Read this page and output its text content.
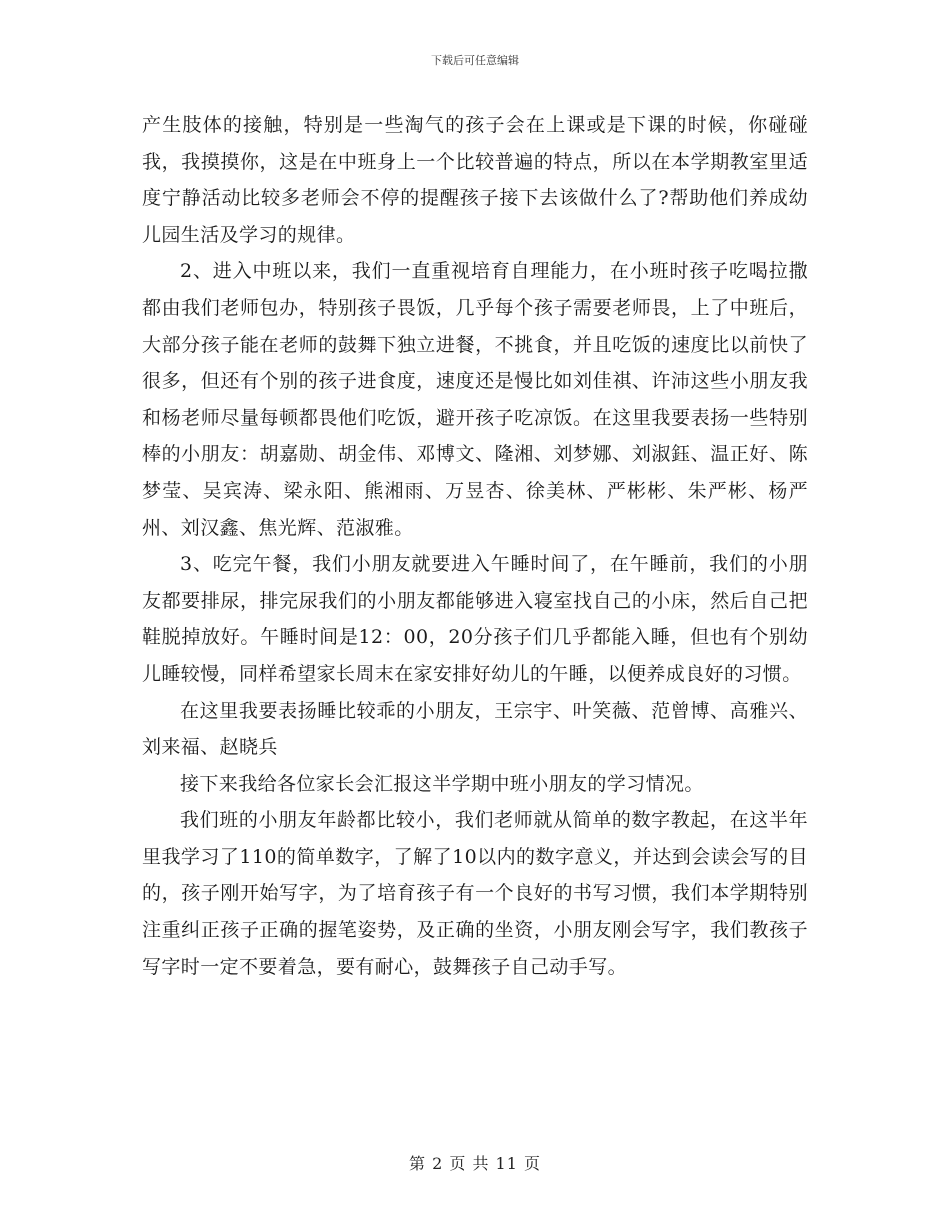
下载后可任意编辑

产生肢体的接触，特别是一些淘气的孩子会在上课或是下课的时候，你碰碰我，我摸摸你，这是在中班身上一个比较普遍的特点，所以在本学期教室里适度宁静活动比较多老师会不停的提醒孩子接下去该做什么了?帮助他们养成幼儿园生活及学习的规律。

2、进入中班以来，我们一直重视培育自理能力，在小班时孩子吃喝拉撒都由我们老师包办，特别孩子畏饭，几乎每个孩子需要老师畏，上了中班后，大部分孩子能在老师的鼓舞下独立进餐，不挑食，并且吃饭的速度比以前快了很多，但还有个别的孩子进食度，速度还是慢比如刘佳祺、许沛这些小朋友我和杨老师尽量每顿都畏他们吃饭，避开孩子吃凉饭。在这里我要表扬一些特别棒的小朋友：胡嘉勋、胡金伟、邓博文、隆湘、刘梦娜、刘淑鈺、温正好、陈梦莹、吴宾涛、梁永阳、熊湘雨、万昱杏、徐美林、严彬彬、朱严彬、杨严州、刘汉鑫、焦光辉、范淑雅。

3、吃完午餐，我们小朋友就要进入午睡时间了，在午睡前，我们的小朋友都要排尿，排完尿我们的小朋友都能够进入寝室找自己的小床，然后自己把鞋脱掉放好。午睡时间是12：00，20分孩子们几乎都能入睡，但也有个别幼儿睡较慢，同样希望家长周末在家安排好幼儿的午睡，以便养成良好的习惯。

在这里我要表扬睡比较乖的小朋友，王宗宇、叶笑薇、范曾博、高雅兴、刘来福、赵晓兵

接下来我给各位家长会汇报这半学期中班小朋友的学习情况。

我们班的小朋友年龄都比较小，我们老师就从简单的数字教起，在这半年里我学习了110的简单数字，了解了10以内的数字意义，并达到会读会写的目的，孩子刚开始写字，为了培育孩子有一个良好的书写习惯，我们本学期特别注重纠正孩子正确的握笔姿势，及正确的坐资，小朋友刚会写字，我们教孩子写字时一定不要着急，要有耐心，鼓舞孩子自己动手写。

第 2 页 共 11 页
